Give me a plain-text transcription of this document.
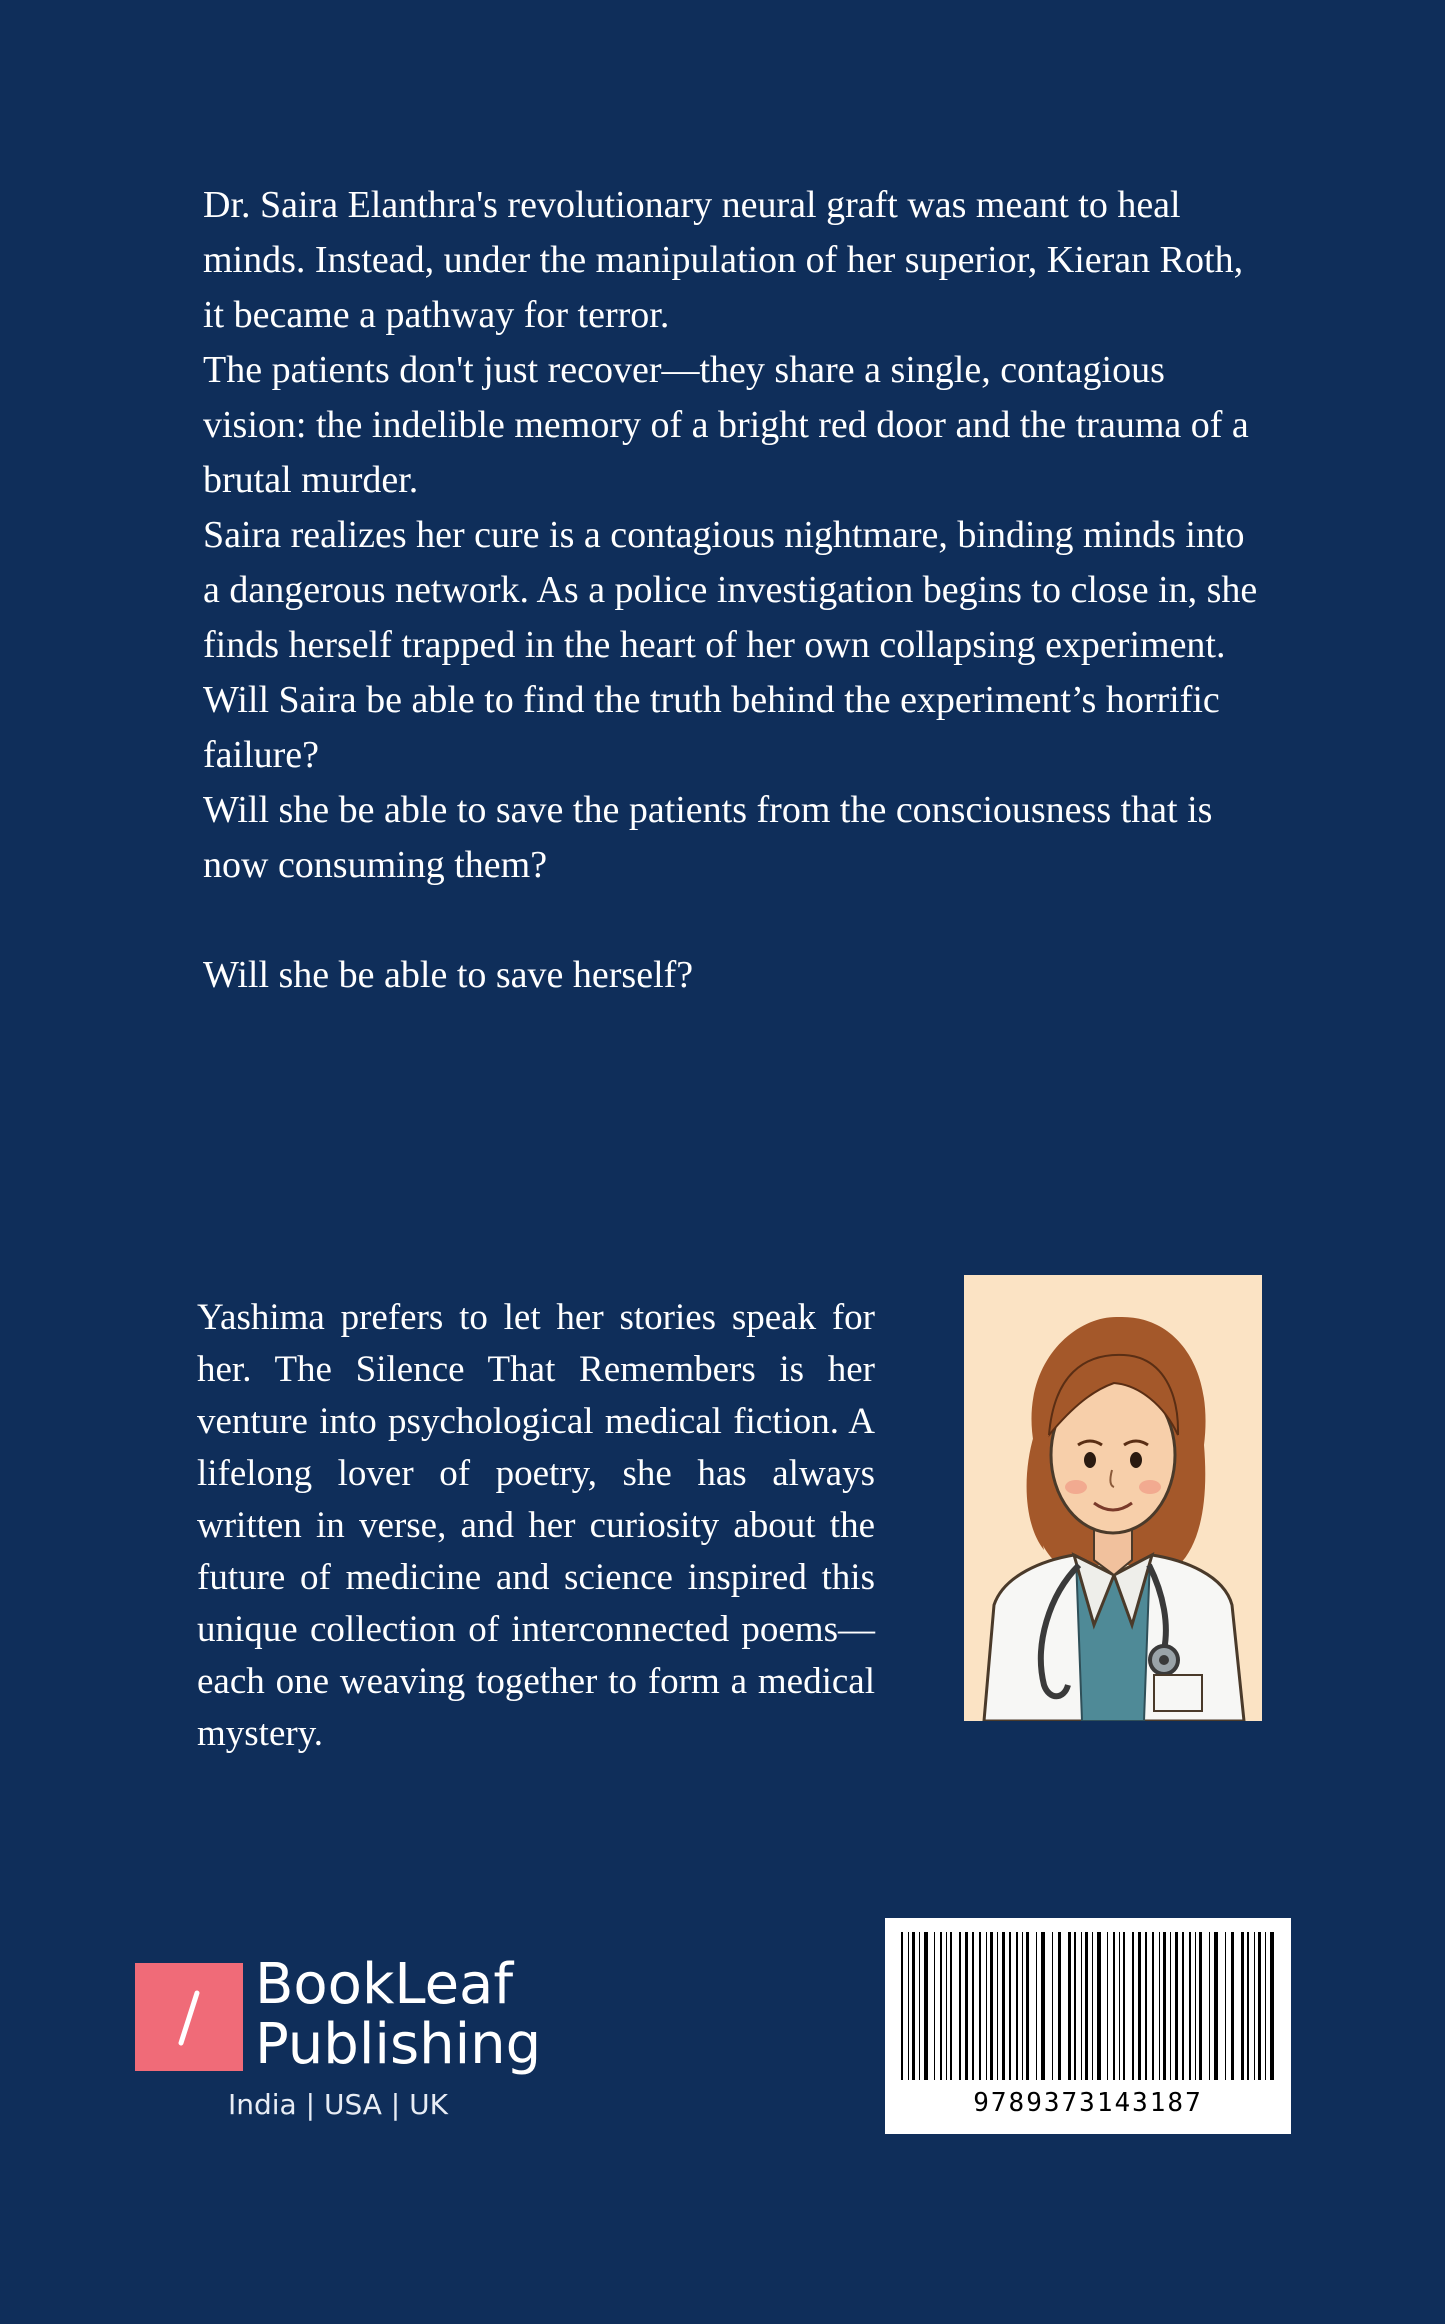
Dr. Saira Elanthra's revolutionary neural graft was meant to heal minds. Instead, under the manipulation of her superior, Kieran Roth, it became a pathway for terror.

The patients don't just recover—they share a single, contagious vision: the indelible memory of a bright red door and the trauma of a brutal murder.

Saira realizes her cure is a contagious nightmare, binding minds into a dangerous network. As a police investigation begins to close in, she finds herself trapped in the heart of her own collapsing experiment.

Will Saira be able to find the truth behind the experiment’s horrific failure?

Will she be able to save the patients from the consciousness that is now consuming them?

Will she be able to save herself?

Yashima prefers to let her stories speak for her. The Silence That Remembers is her venture into psychological medical fiction. A lifelong lover of poetry, she has always written in verse, and her curiosity about the future of medicine and science inspired this unique collection of interconnected poems—each one weaving together to form a medical mystery.
BookLeaf
Publishing
India | USA | UK	9789373143187
